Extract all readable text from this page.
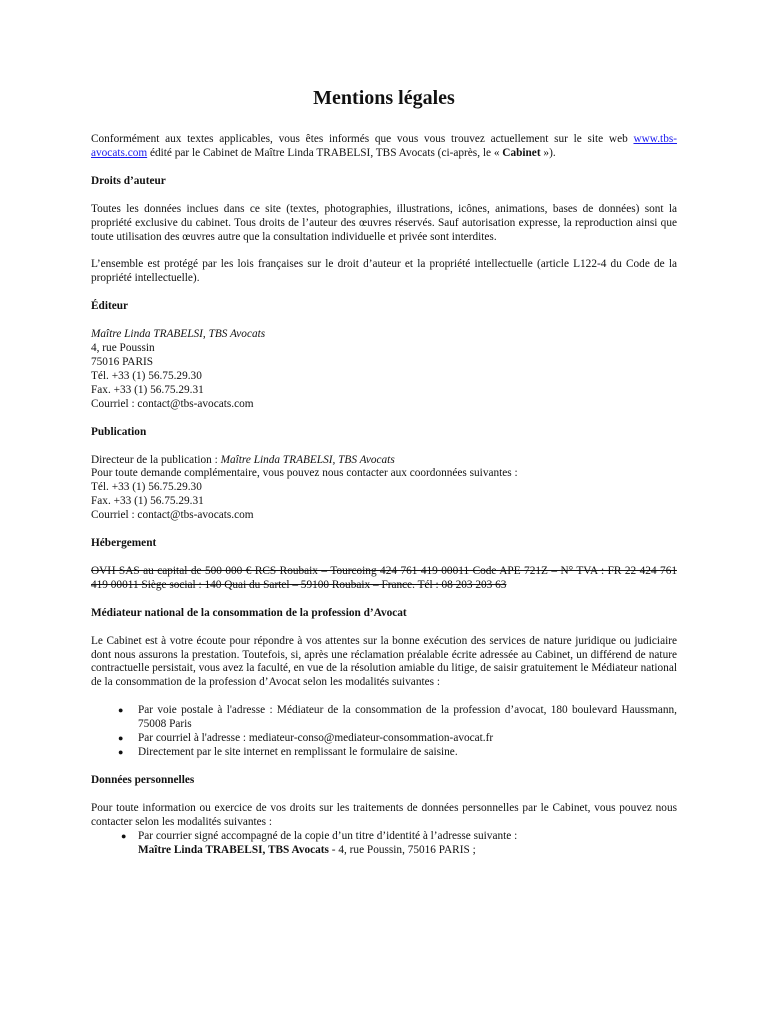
Mentions légales

Conformément aux textes applicables, vous êtes informés que vous vous trouvez actuellement sur le site web www.tbs-avocats.com édité par le Cabinet de Maître Linda TRABELSI, TBS Avocats (ci-après, le « Cabinet »).

Droits d’auteur

Toutes les données inclues dans ce site (textes, photographies, illustrations, icônes, animations, bases de données) sont la propriété exclusive du cabinet. Tous droits de l’auteur des œuvres réservés. Sauf autorisation expresse, la reproduction ainsi que toute utilisation des œuvres autre que la consultation individuelle et privée sont interdites.

L’ensemble est protégé par les lois françaises sur le droit d’auteur et la propriété intellectuelle (article L122-4 du Code de la propriété intellectuelle).

Éditeur

Maître Linda TRABELSI, TBS Avocats
4, rue Poussin
75016 PARIS
Tél. +33 (1) 56.75.29.30
Fax. +33 (1) 56.75.29.31
Courriel : contact@tbs-avocats.com

Publication

Directeur de la publication : Maître Linda TRABELSI, TBS Avocats
Pour toute demande complémentaire, vous pouvez nous contacter aux coordonnées suivantes :
Tél. +33 (1) 56.75.29.30
Fax. +33 (1) 56.75.29.31
Courriel : contact@tbs-avocats.com

Hébergement

OVH SAS au capital de 500 000 € RCS Roubaix – Tourcoing 424 761 419 00011 Code APE 721Z – N° TVA : FR 22 424 761 419 00011 Siège social : 140 Quai du Sartel – 59100 Roubaix – France. Tél : 08 203 203 63

Médiateur national de la consommation de la profession d’Avocat

Le Cabinet est à votre écoute pour répondre à vos attentes sur la bonne exécution des services de nature juridique ou judiciaire dont nous assurons la prestation. Toutefois, si, après une réclamation préalable écrite adressée au Cabinet, un différend de nature contractuelle persistait, vous avez la faculté, en vue de la résolution amiable du litige, de saisir gratuitement le Médiateur national de la consommation de la profession d’Avocat selon les modalités suivantes :

● Par voie postale à l'adresse : Médiateur de la consommation de la profession d’avocat, 180 boulevard Haussmann, 75008 Paris
● Par courriel à l'adresse : mediateur-conso@mediateur-consommation-avocat.fr
● Directement par le site internet en remplissant le formulaire de saisine.

Données personnelles

Pour toute information ou exercice de vos droits sur les traitements de données personnelles par le Cabinet, vous pouvez nous contacter selon les modalités suivantes :

● Par courrier signé accompagné de la copie d’un titre d’identité à l’adresse suivante :
Maître Linda TRABELSI, TBS Avocats - 4, rue Poussin, 75016 PARIS ;
